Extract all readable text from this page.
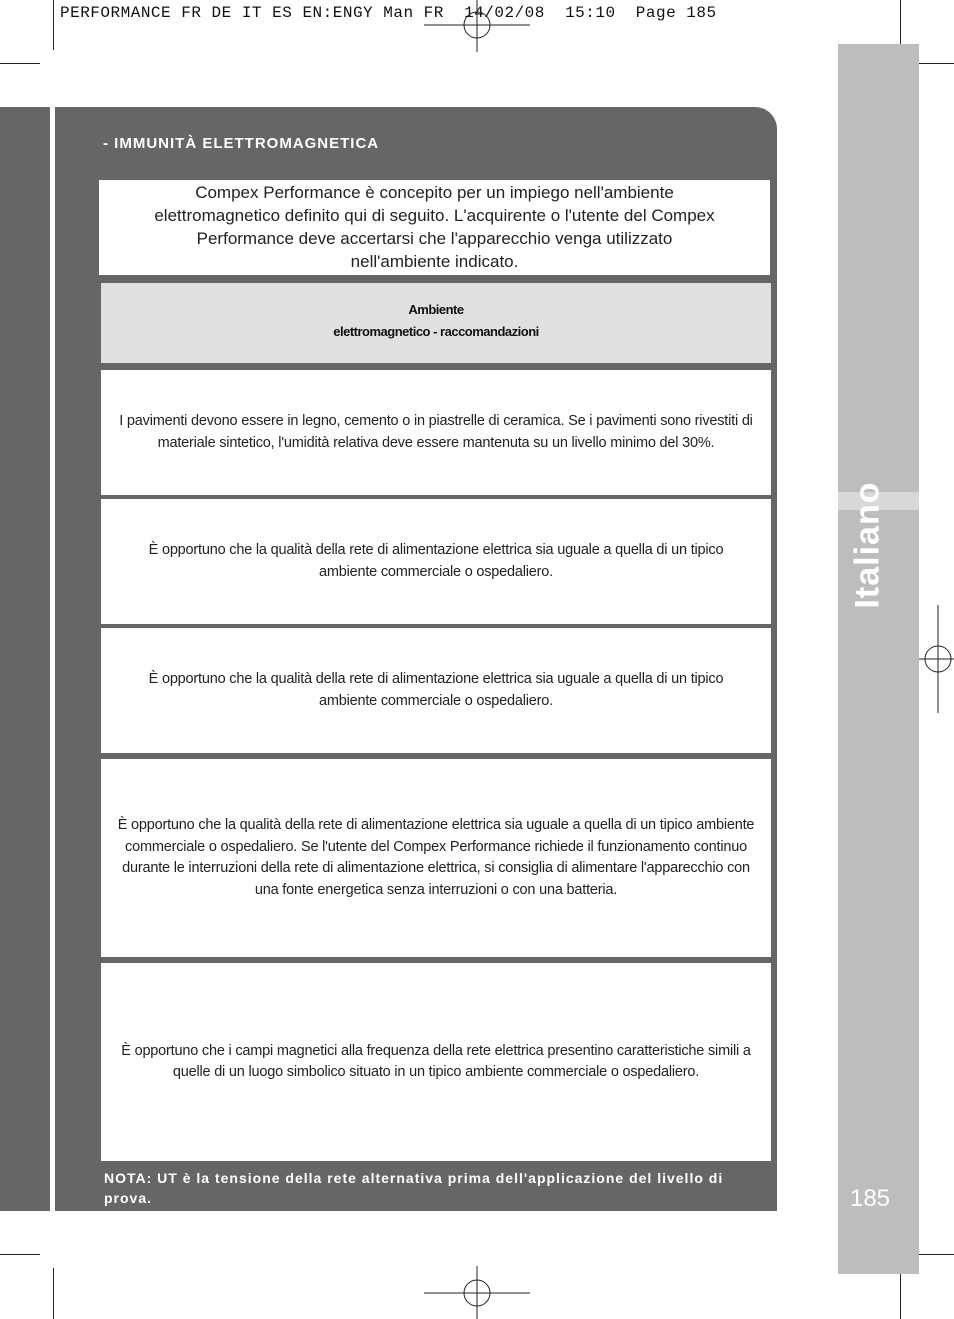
PERFORMANCE FR DE IT ES EN:ENGY Man FR  14/02/08  15:10  Page 185
- IMMUNITÀ ELETTROMAGNETICA
Compex Performance è concepito per un impiego nell'ambiente
elettromagnetico definito qui di seguito. L'acquirente o l'utente del Compex
Performance deve accertarsi che l'apparecchio venga utilizzato
nell'ambiente indicato.
Ambiente
elettromagnetico - raccomandazioni
I pavimenti devono essere in legno, cemento o in piastrelle di ceramica. Se i pavimenti sono rivestiti di materiale sintetico, l'umidità relativa deve essere mantenuta su un livello minimo del 30%.
È opportuno che la qualità della rete di alimentazione elettrica sia uguale a quella di un tipico ambiente commerciale o ospedaliero.
È opportuno che la qualità della rete di alimentazione elettrica sia uguale a quella di un tipico ambiente commerciale o ospedaliero.
È opportuno che la qualità della rete di alimentazione elettrica sia uguale a quella di un tipico ambiente commerciale o ospedaliero. Se l'utente del Compex Performance richiede il funzionamento continuo durante le interruzioni della rete di alimentazione elettrica, si consiglia di alimentare l'apparecchio con una fonte energetica senza interruzioni o con una batteria.
È opportuno che i campi magnetici alla frequenza della rete elettrica presentino caratteristiche simili a quelle di un luogo simbolico situato in un tipico ambiente commerciale o ospedaliero.
NOTA: UT è la tensione della rete alternativa prima dell'applicazione del livello di prova.
Italiano
185
